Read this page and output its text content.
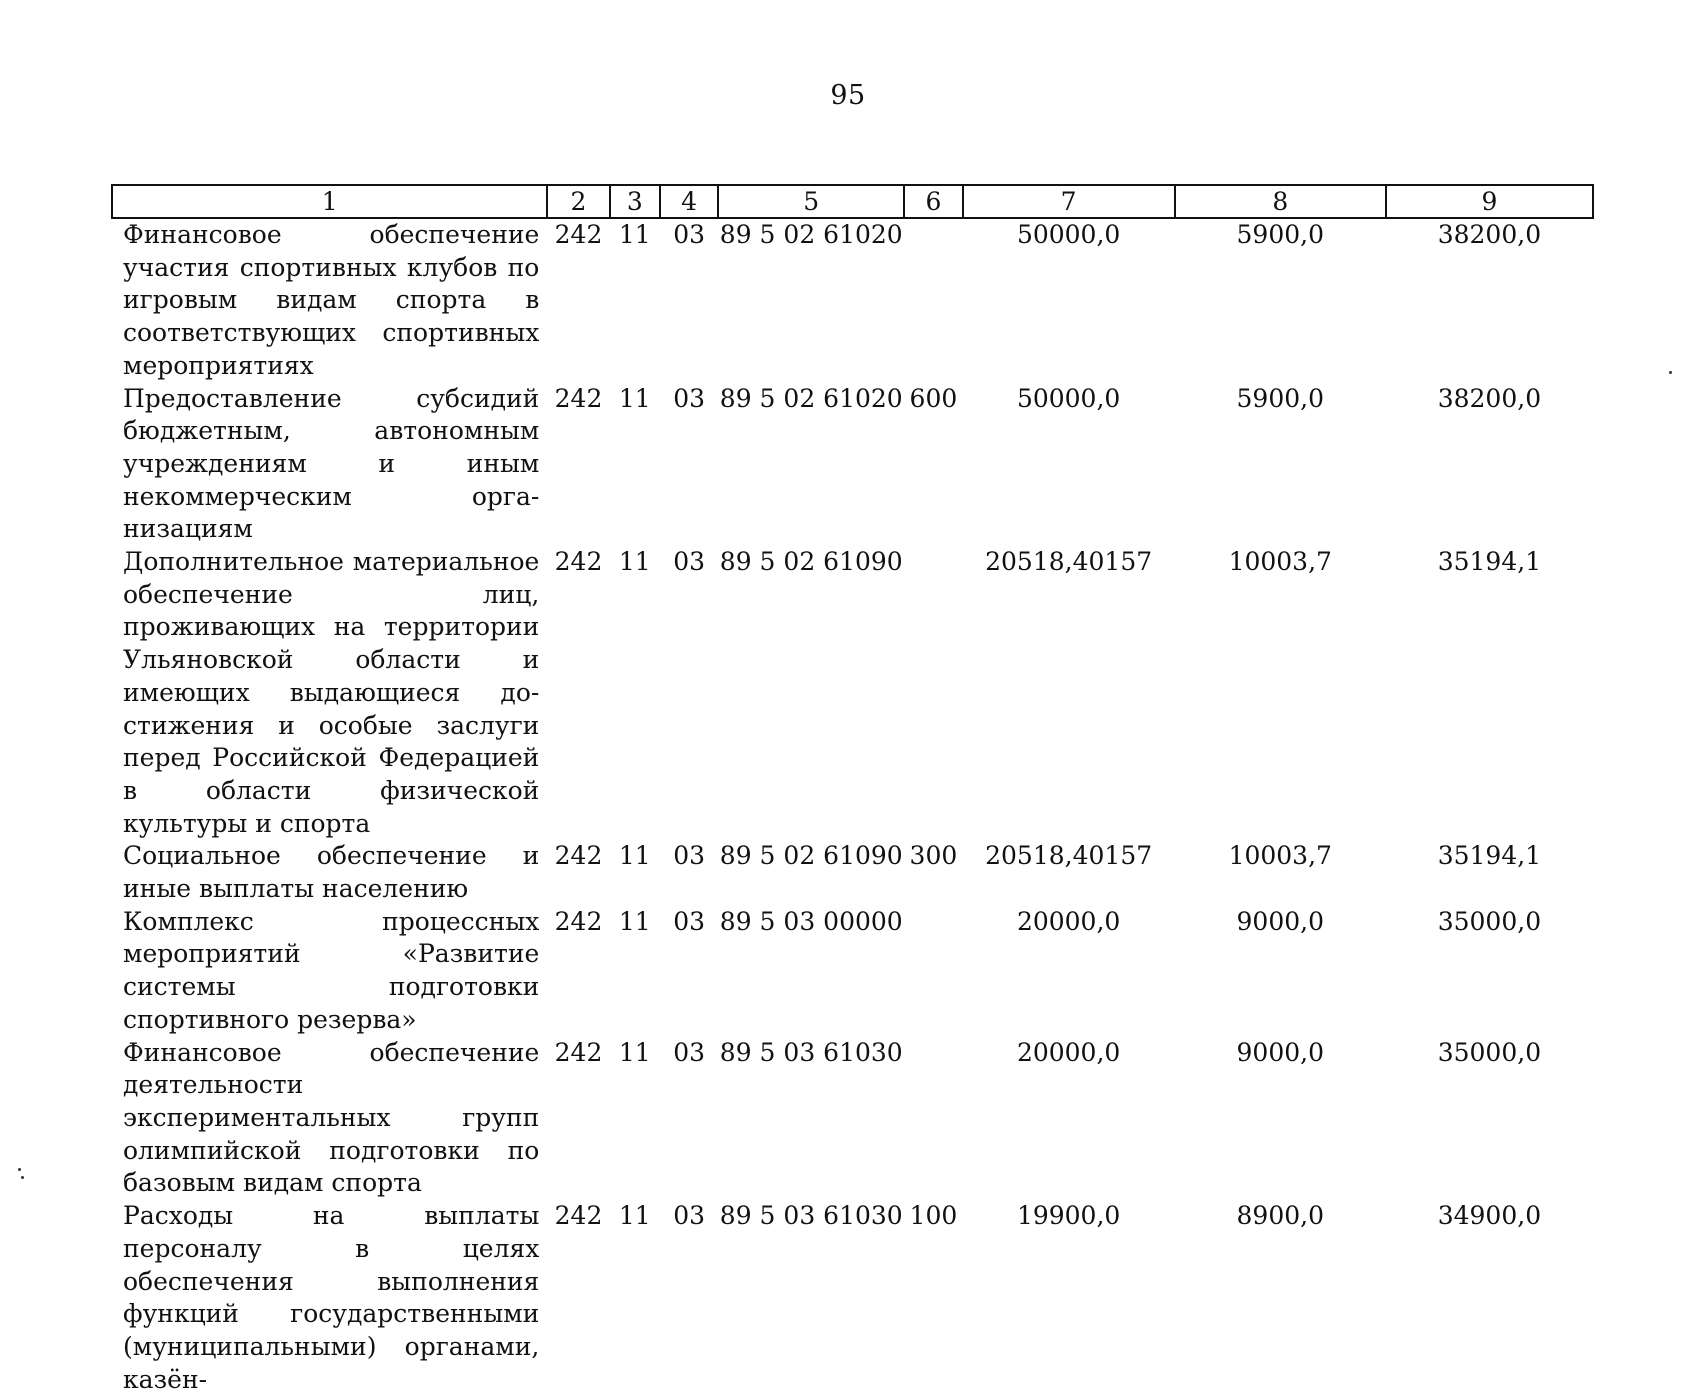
95
1	2	3	4	5	6	7	8	9
Финансовое обеспечение участия спортивных клубов по игровым видам спорта в соответствующих спортивных мероприятиях	242	11	03	89 5 02 61020		50000,0	5900,0	38200,0
Предоставление субсидий бюджетным, автономным учреждениям и иным некоммерческим организациям	242	11	03	89 5 02 61020	600	50000,0	5900,0	38200,0
Дополнительное материальное обеспечение лиц, проживающих на территории Ульяновской области и имеющих выдающиеся достижения и особые заслуги перед Российской Федерацией в области физической культуры и спорта	242	11	03	89 5 02 61090		20518,40157	10003,7	35194,1
Социальное обеспечение и иные выплаты населению	242	11	03	89 5 02 61090	300	20518,40157	10003,7	35194,1
Комплекс процессных мероприятий «Развитие системы подготовки спортивного резерва»	242	11	03	89 5 03 00000		20000,0	9000,0	35000,0
Финансовое обеспечение деятельности экспериментальных групп олимпийской подготовки по базовым видам спорта	242	11	03	89 5 03 61030		20000,0	9000,0	35000,0
Расходы на выплаты персоналу в целях обеспечения выполнения функций государственными (муниципальными) органами, казён-	242	11	03	89 5 03 61030	100	19900,0	8900,0	34900,0
